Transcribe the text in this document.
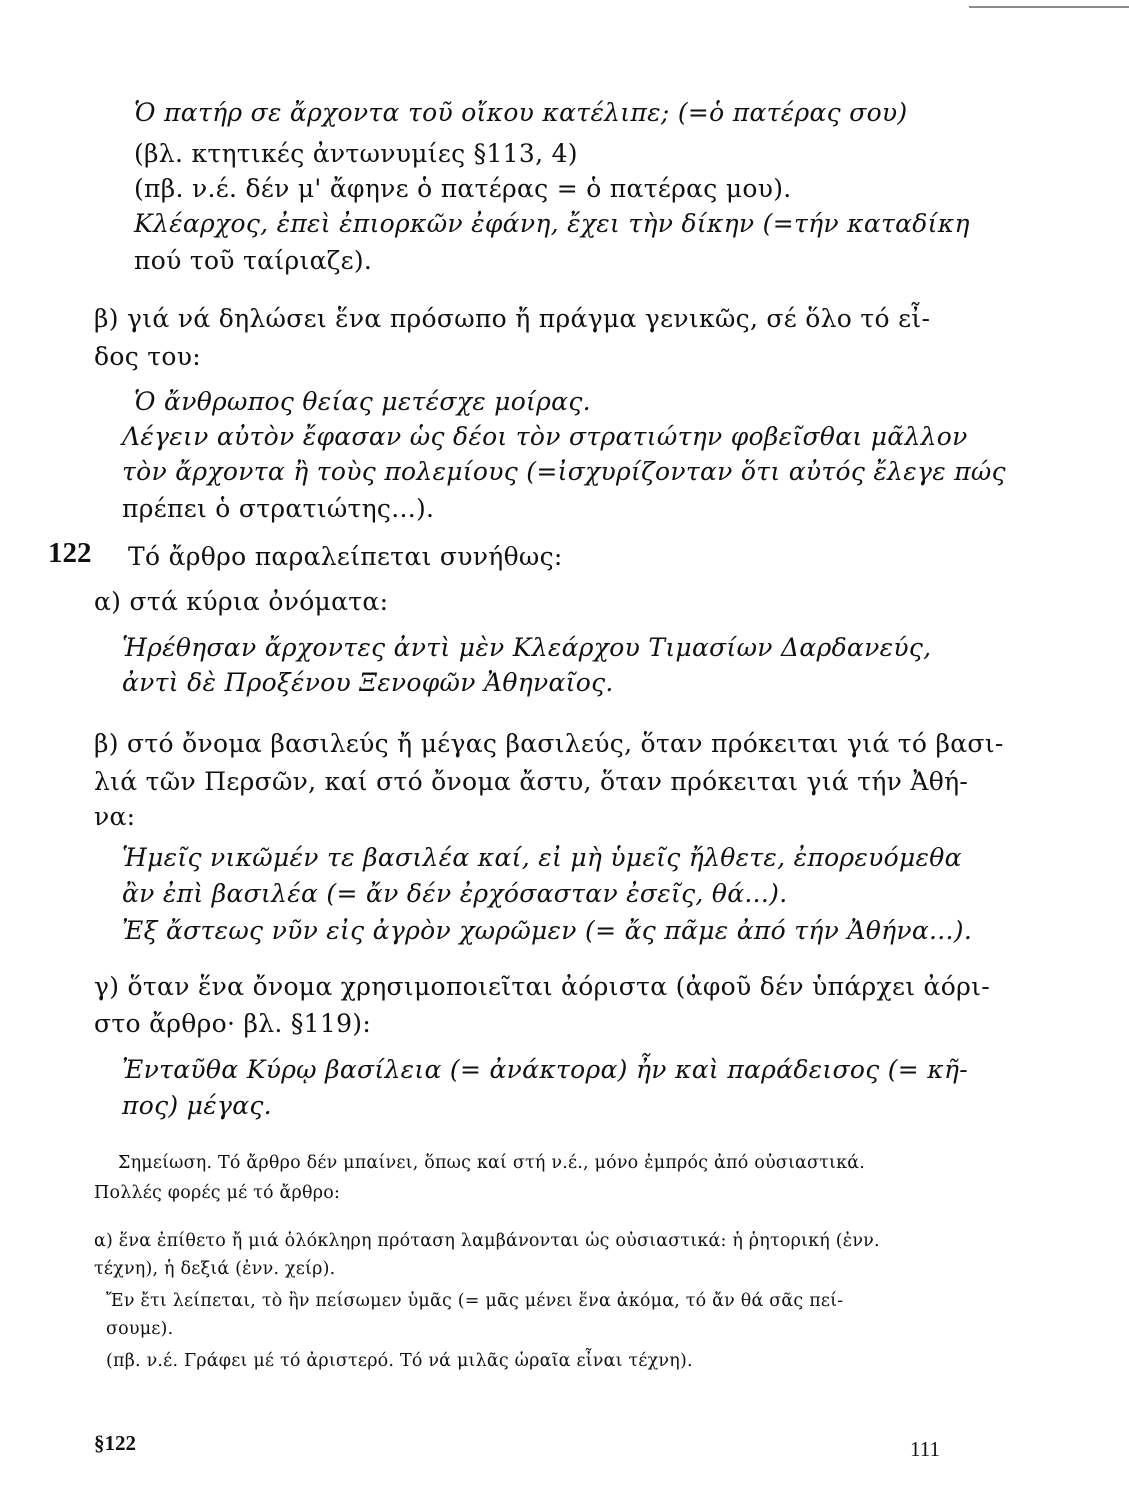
Ὁ πατήρ σε ἄρχοντα τοῦ οἴκου κατέλιπε; (=ὁ πατέρας σου)
(βλ. κτητικές ἀντωνυμίες §113, 4)
(πβ. ν.έ. δέν μ' ἄφηνε ὁ πατέρας = ὁ πατέρας μου).
Κλέαρχος, ἐπεὶ ἐπιορκῶν ἐφάνη, ἔχει τὴν δίκην (=τήν καταδίκη
πού τοῦ ταίριαζε).
β) γιά νά δηλώσει ἕνα πρόσωπο ἤ πράγμα γενικῶς, σέ ὅλο τό εἶ-
δος του:
Ὁ ἄνθρωπος θείας μετέσχε μοίρας.
Λέγειν αὐτὸν ἔφασαν ὡς δέοι τὸν στρατιώτην φοβεῖσθαι μᾶλλον
τὸν ἄρχοντα ἢ τοὺς πολεμίους (=ἰσχυρίζονταν ὅτι αὐτός ἔλεγε πώς
πρέπει ὁ στρατιώτης...).
122 Τό ἄρθρο παραλείπεται συνήθως:
α) στά κύρια ὀνόματα:
Ἡρέθησαν ἄρχοντες ἀντὶ μὲν Κλεάρχου Τιμασίων Δαρδανεύς,
ἀντὶ δὲ Προξένου Ξενοφῶν Ἀθηναῖος.
β) στό ὄνομα βασιλεύς ἤ μέγας βασιλεύς, ὅταν πρόκειται γιά τό βασι-
λιά τῶν Περσῶν, καί στό ὄνομα ἄστυ, ὅταν πρόκειται γιά τήν Ἀθή-
να:
Ἡμεῖς νικῶμέν τε βασιλέα καί, εἰ μὴ ὑμεῖς ἤλθετε, ἐπορευόμεθα
ἂν ἐπὶ βασιλέα (= ἄν δέν ἐρχόσασταν ἐσεῖς, θά...).
Ἐξ ἄστεως νῦν εἰς ἀγρὸν χωρῶμεν (= ἄς πᾶμε ἀπό τήν Ἀθήνα...).
γ) ὅταν ἕνα ὄνομα χρησιμοποιεῖται ἀόριστα (ἀφοῦ δέν ὑπάρχει ἀόρι-
στο ἄρθρο· βλ. §119):
Ἐνταῦθα Κύρῳ βασίλεια (= ἀνάκτορα) ἦν καὶ παράδεισος (= κῆ-
πος) μέγας.
Σημείωση. Τό ἄρθρο δέν μπαίνει, ὅπως καί στή ν.έ., μόνο ἐμπρός ἀπό οὐσιαστικά.
Πολλές φορές μέ τό ἄρθρο:
α) ἕνα ἐπίθετο ἤ μιά ὁλόκληρη πρόταση λαμβάνονται ὡς οὐσιαστικά: ἡ ῥητορική (ἐνν.
τέχνη), ἡ δεξιά (ἐνν. χείρ).
Ἔν ἔτι λείπεται, τὸ ἢν πείσωμεν ὑμᾶς (= μᾶς μένει ἕνα ἀκόμα, τό ἄν θά σᾶς πεί-
σουμε).
(πβ. ν.έ. Γράφει μέ τό ἀριστερό. Τό νά μιλᾶς ὡραῖα εἶναι τέχνη).
§122	111
